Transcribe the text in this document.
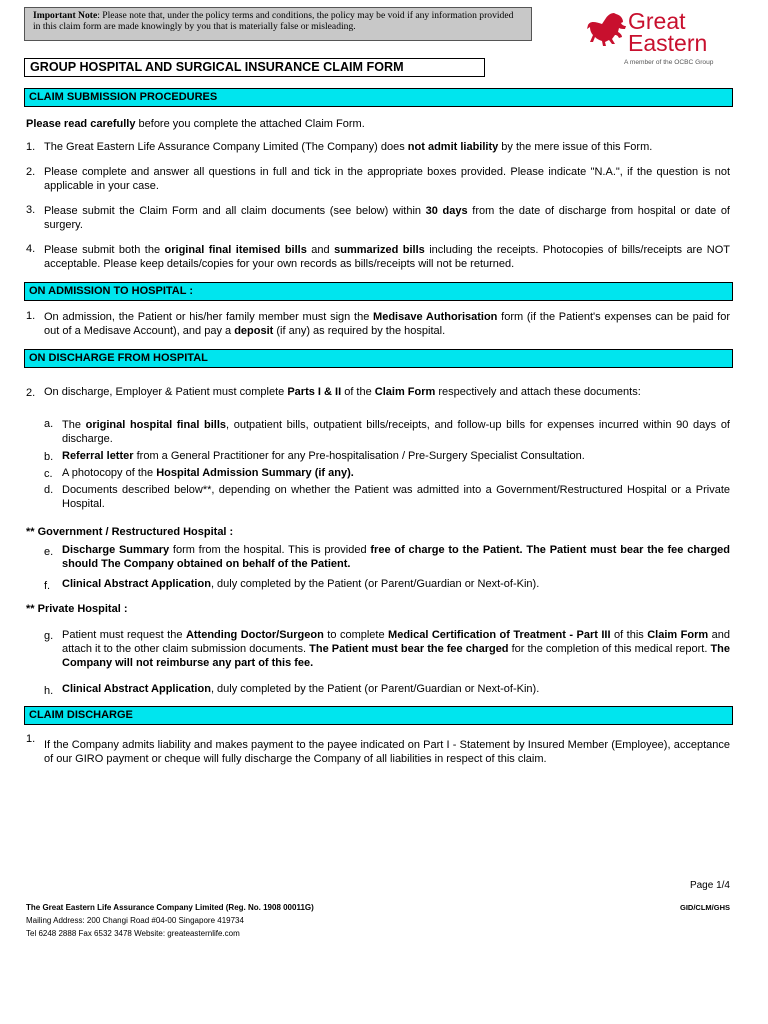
Important Note: Please note that, under the policy terms and conditions, the policy may be void if any information provided in this claim form are made knowingly by you that is materially false or misleading.	Great
Eastern
A member of the OCBC Group
GROUP HOSPITAL AND SURGICAL INSURANCE CLAIM FORM
CLAIM SUBMISSION PROCEDURES
Please read carefully before you complete the attached Claim Form.
1. The Great Eastern Life Assurance Company Limited (The Company) does not admit liability by the mere issue of this Form.
2. Please complete and answer all questions in full and tick in the appropriate boxes provided. Please indicate "N.A.", if the question is not applicable in your case.
3. Please submit the Claim Form and all claim documents (see below) within 30 days from the date of discharge from hospital or date of surgery.
4. Please submit both the original final itemised bills and summarized bills including the receipts. Photocopies of bills/receipts are NOT acceptable. Please keep details/copies for your own records as bills/receipts will not be returned.
ON ADMISSION TO HOSPITAL :
1. On admission, the Patient or his/her family member must sign the Medisave Authorisation form (if the Patient's expenses can be paid for out of a Medisave Account), and pay a deposit (if any) as required by the hospital.
ON DISCHARGE FROM HOSPITAL
2. On discharge, Employer & Patient must complete Parts I & II of the Claim Form respectively and attach these documents:
a. The original hospital final bills, outpatient bills, outpatient bills/receipts, and follow-up bills for expenses incurred within 90 days of discharge.
b. Referral letter from a General Practitioner for any Pre-hospitalisation / Pre-Surgery Specialist Consultation.
c. A photocopy of the Hospital Admission Summary (if any).
d. Documents described below**, depending on whether the Patient was admitted into a Government/Restructured Hospital or a Private Hospital.
** Government / Restructured Hospital :
e. Discharge Summary form from the hospital. This is provided free of charge to the Patient. The Patient must bear the fee charged should The Company obtained on behalf of the Patient.
f. Clinical Abstract Application, duly completed by the Patient (or Parent/Guardian or Next-of-Kin).
** Private Hospital :
g. Patient must request the Attending Doctor/Surgeon to complete Medical Certification of Treatment - Part III of this Claim Form and attach it to the other claim submission documents. The Patient must bear the fee charged for the completion of this medical report. The Company will not reimburse any part of this fee.
h. Clinical Abstract Application, duly completed by the Patient (or Parent/Guardian or Next-of-Kin).
CLAIM DISCHARGE
1. If the Company admits liability and makes payment to the payee indicated on Part I - Statement by Insured Member (Employee), acceptance of our GIRO payment or cheque will fully discharge the Company of all liabilities in respect of this claim.
Page 1/4
The Great Eastern Life Assurance Company Limited (Reg. No. 1908 00011G)	GID/CLM/GHS
Mailing Address: 200 Changi Road #04-00 Singapore 419734
Tel 6248 2888 Fax 6532 3478 Website: greateasternlife.com
